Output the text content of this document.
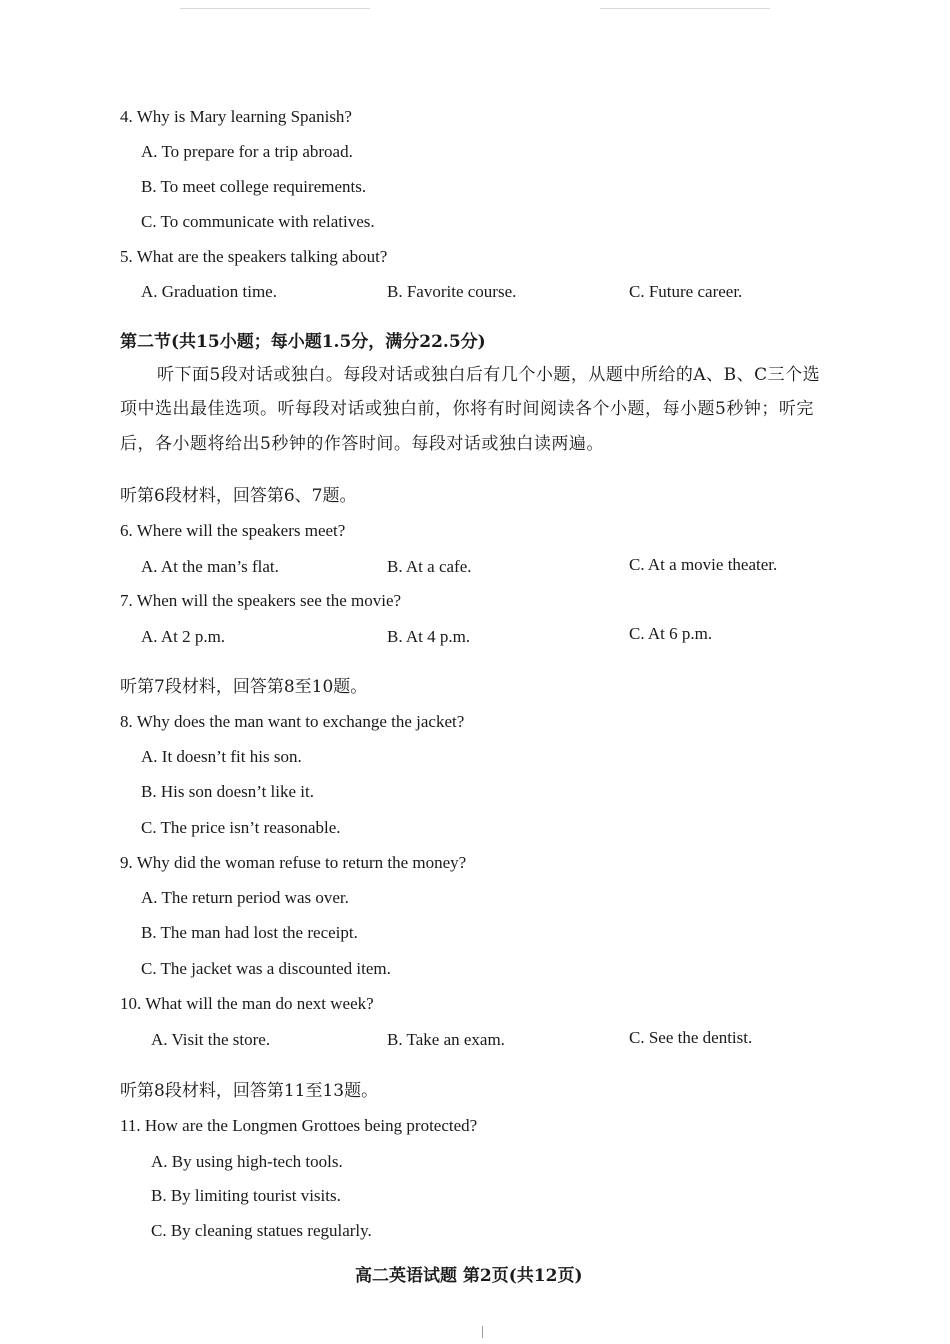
4. Why is Mary learning Spanish?
A. To prepare for a trip abroad.
B. To meet college requirements.
C. To communicate with relatives.
5. What are the speakers talking about?
A. Graduation time.	B. Favorite course.	C. Future career.
第二节(共15小题；每小题1.5分，满分22.5分)
听下面5段对话或独白。每段对话或独白后有几个小题，从题中所给的A、B、C三个选
项中选出最佳选项。听每段对话或独白前，你将有时间阅读各个小题，每小题5秒钟；听完
后，各小题将给出5秒钟的作答时间。每段对话或独白读两遍。
听第6段材料，回答第6、7题。
6. Where will the speakers meet?
A. At the man’s flat.	B. At a cafe.	C. At a movie theater.
7. When will the speakers see the movie?
A. At 2 p.m.	B. At 4 p.m.	C. At 6 p.m.
听第7段材料，回答第8至10题。
8. Why does the man want to exchange the jacket?
A. It doesn’t fit his son.
B. His son doesn’t like it.
C. The price isn’t reasonable.
9. Why did the woman refuse to return the money?
A. The return period was over.
B. The man had lost the receipt.
C. The jacket was a discounted item.
10. What will the man do next week?
A. Visit the store.	B. Take an exam.	C. See the dentist.
听第8段材料，回答第11至13题。
11. How are the Longmen Grottoes being protected?
A. By using high-tech tools.
B. By limiting tourist visits.
C. By cleaning statues regularly.
高二英语试题 第2页(共12页)
